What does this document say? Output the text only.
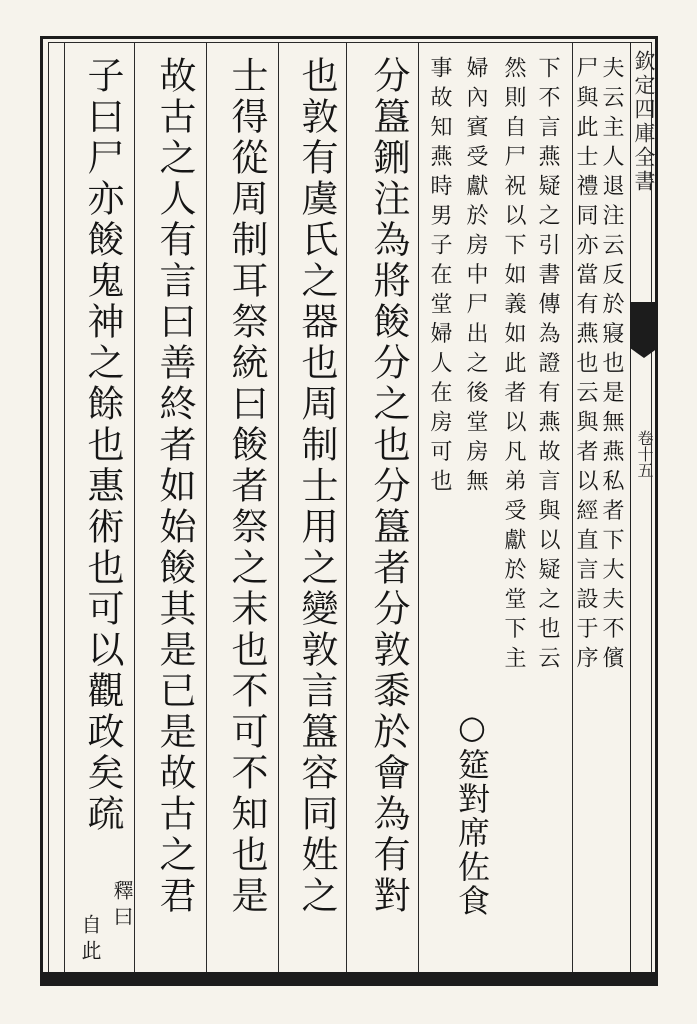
欽定四庫全書
卷十五
夫云主人退注云反於寢也是無燕私者下大夫不儐
尸與此士禮同亦當有燕也云與者以經直言設于序
下不言燕疑之引書傳為證有燕故言與以疑之也云
然則自尸祝以下如義如此者以凡弟受獻於堂下主
婦內賓受獻於房中尸出之後堂房無
事故知燕時男子在堂婦人在房可也
○筵對席佐食
分簋鉶注為將餕分之也分簋者分敦黍於會為有對
也敦有虞氏之器也周制士用之變敦言簋容同姓之
士得從周制耳祭統曰餕者祭之末也不可不知也是
故古之人有言曰善終者如始餕其是已是故古之君
子曰尸亦餕鬼神之餘也惠術也可以觀政矣疏
釋曰
自此
